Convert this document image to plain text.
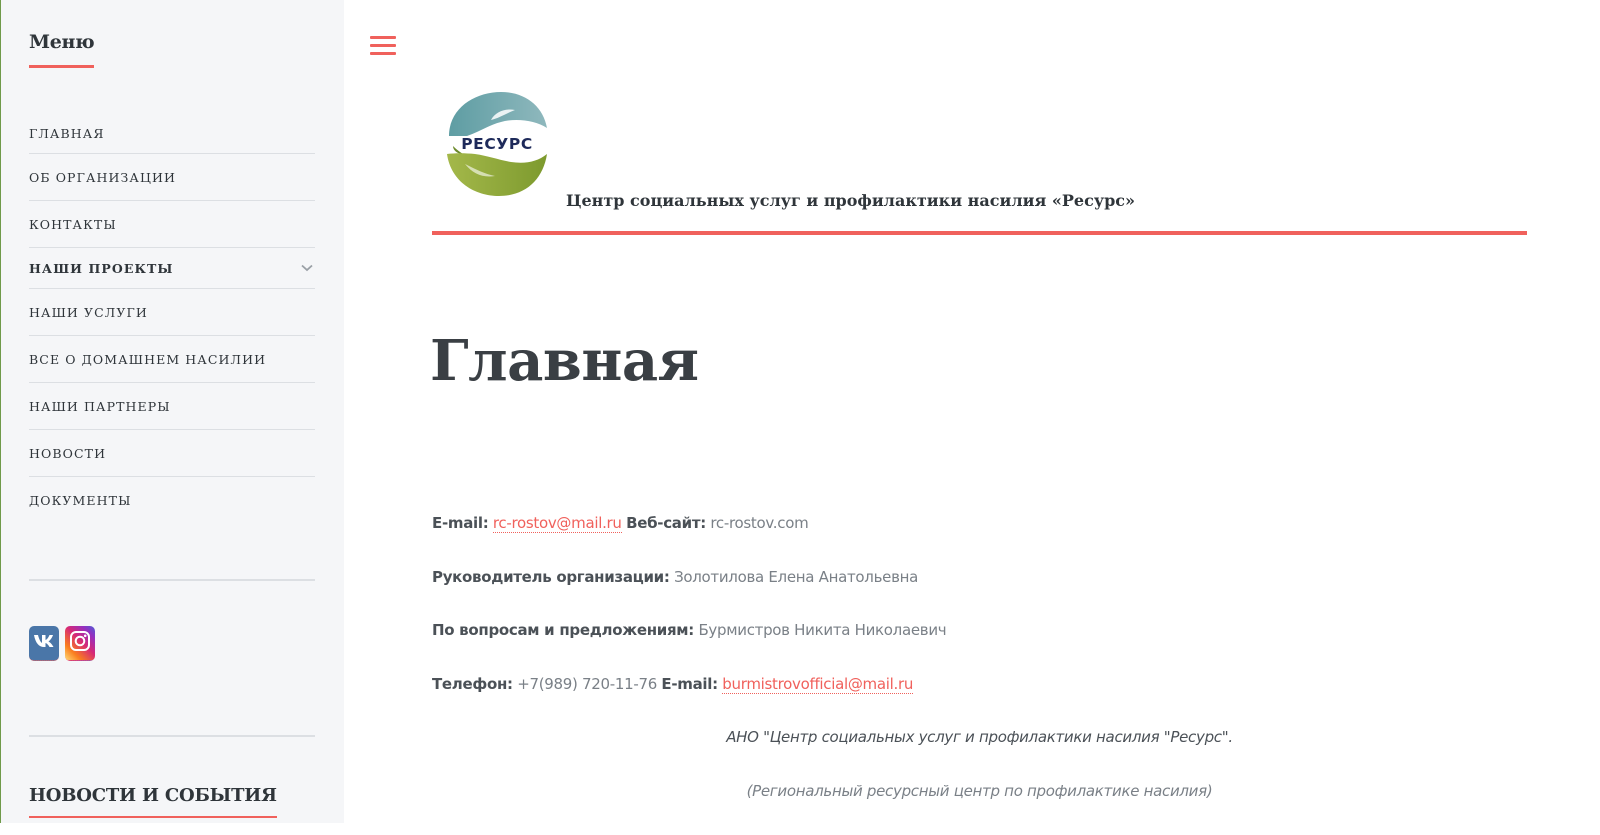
Меню
ГЛАВНАЯ
ОБ ОРГАНИЗАЦИИ
КОНТАКТЫ
НАШИ ПРОЕКТЫ
НАШИ УСЛУГИ
ВСЕ О ДОМАШНЕМ НАСИЛИИ
НАШИ ПАРТНЕРЫ
НОВОСТИ
ДОКУМЕНТЫ
НОВОСТИ И СОБЫТИЯ
РЕСУРС
Центр социальных услуг и профилактики насилия «Ресурс»
Главная

E-mail: rc-rostov@mail.ru Веб-сайт: rc-rostov.com

Руководитель организации: Золотилова Елена Анатольевна

По вопросам и предложениям: Бурмистров Никита Николаевич

Телефон: +7(989) 720-11-76 E-mail: burmistrovofficial@mail.ru

АНО "Центр социальных услуг и профилактики насилия "Ресурс".

(Региональный ресурсный центр по профилактике насилия)
